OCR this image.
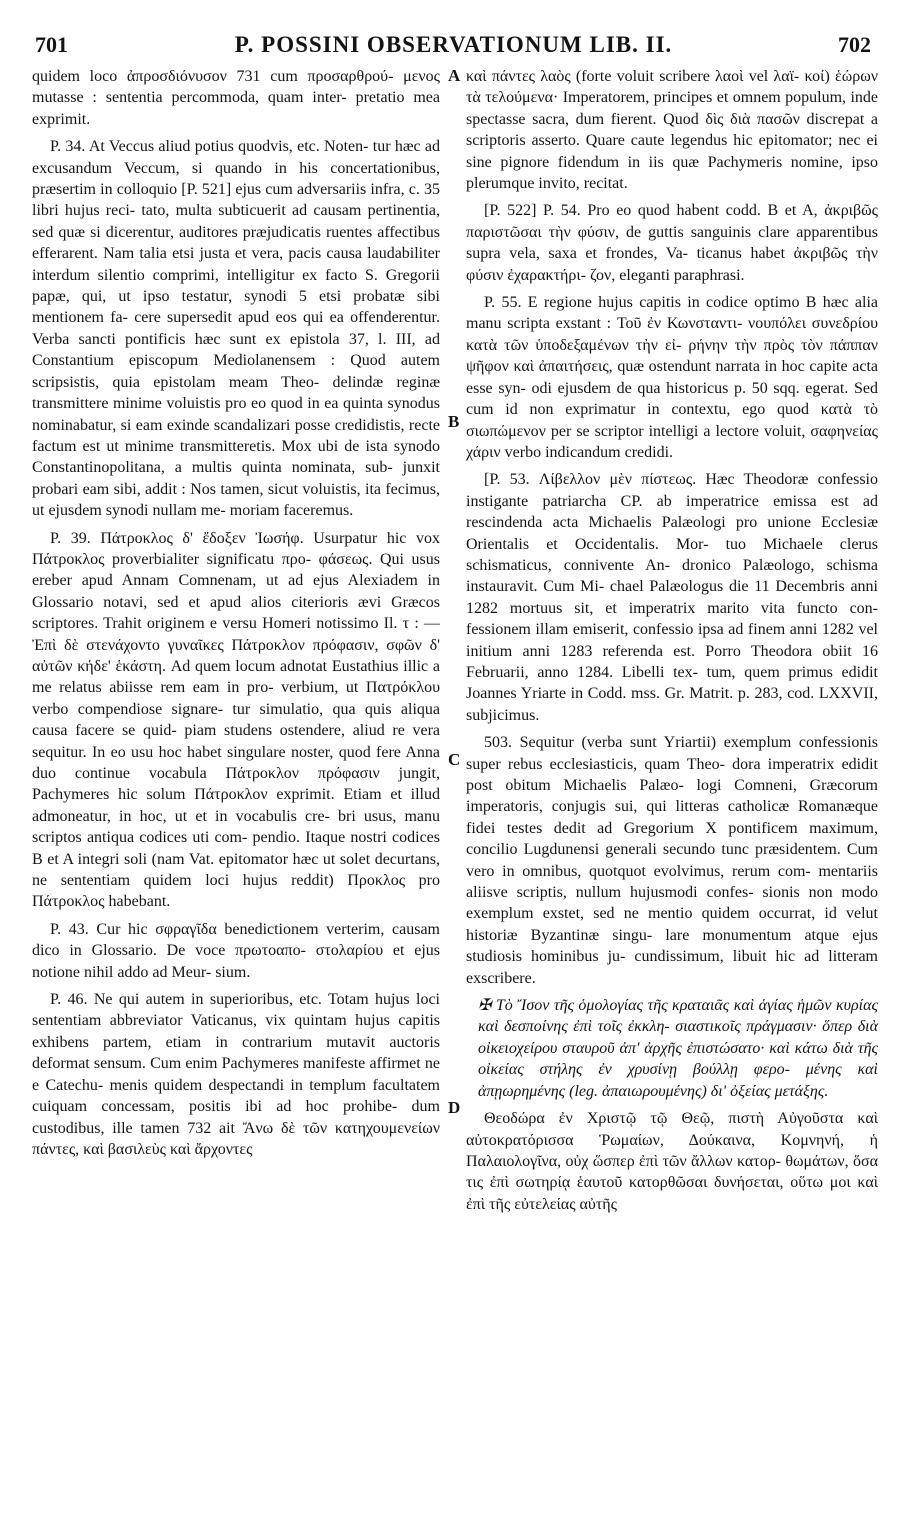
701	P. POSSINI OBSERVATIONUM LIB. II.	702

quidem loco ἀπροσδιόνυσον 731 cum προσαρθρού- μενος mutasse : sententia percommoda, quam inter- pretatio mea exprimit.

P. 34. At Veccus aliud potius quodvis, etc. Noten- tur hæc ad excusandum Veccum, si quando in his concertationibus, præsertim in colloquio [P. 521] ejus cum adversariis infra, c. 35 libri hujus reci- tato, multa subticuerit ad causam pertinentia, sed quæ si dicerentur, auditores præjudicatis ruentes affectibus efferarent. Nam talia etsi justa et vera, pacis causa laudabiliter interdum silentio comprimi, intelligitur ex facto S. Gregorii papæ, qui, ut ipso testatur, synodi 5 etsi probatæ sibi mentionem fa- cere supersedit apud eos qui ea offenderentur. Verba sancti pontificis hæc sunt ex epistola 37, l. III, ad Constantium episcopum Mediolanensem : Quod autem scripsistis, quia epistolam meam Theo- delindæ reginæ transmittere minime voluistis pro eo quod in ea quinta synodus nominabatur, si eam exinde scandalizari posse credidistis, recte factum est ut minime transmitteretis. Mox ubi de ista synodo Constantinopolitana, a multis quinta nominata, sub- junxit probari eam sibi, addit : Nos tamen, sicut voluistis, ita fecimus, ut ejusdem synodi nullam me- moriam faceremus.

P. 39. Πάτροκλος δ' ἔδοξεν Ἰωσήφ. Usurpatur hic vox Πάτροκλος proverbialiter significatu προ- φάσεως. Qui usus ereber apud Annam Comnenam, ut ad ejus Alexiadem in Glossario notavi, sed et apud alios citerioris ævi Græcos scriptores. Trahit originem e versu Homeri notissimo Il. τ : — Ἐπὶ δὲ στενάχοντο γυναῖκες Πάτροκλον πρόφασιν, σφῶν δ' αὐτῶν κήδε' ἑκάστη. Ad quem locum adnotat Eustathius illic a me relatus abiisse rem eam in pro- verbium, ut Πατρόκλου verbo compendiose signare- tur simulatio, qua quis aliqua causa facere se quid- piam studens ostendere, aliud re vera sequitur. In eo usu hoc habet singulare noster, quod fere Anna duo continue vocabula Πάτροκλον πρόφασιν jungit, Pachymeres hic solum Πάτροκλον exprimit. Etiam et illud admoneatur, in hoc, ut et in vocabulis cre- bri usus, manu scriptos antiqua codices uti com- pendio. Itaque nostri codices B et A integri soli (nam Vat. epitomator hæc ut solet decurtans, ne sententiam quidem loci hujus reddit) Προκλος pro Πάτροκλος habebant.

P. 43. Cur hic σφραγῖδα benedictionem verterim, causam dico in Glossario. De voce πρωτοαπο- στολαρίου et ejus notione nihil addo ad Meur- sium.

P. 46. Ne qui autem in superioribus, etc. Totam hujus loci sententiam abbreviator Vaticanus, vix quintam hujus capitis exhibens partem, etiam in contrarium mutavit auctoris deformat sensum. Cum enim Pachymeres manifeste affirmet ne e Catechu- menis quidem despectandi in templum facultatem cuiquam concessam, positis ibi ad hoc prohibe- dum custodibus, ille tamen 732 ait Ἄνω δὲ τῶν κατηχουμενείων πάντες, καὶ βασιλεὺς καὶ ἄρχοντες

A
B
C
D

καὶ πάντες λαὸς (forte voluit scribere λαοὶ vel λαϊ- κοί) ἑώρων τὰ τελούμενα· Imperatorem, principes et omnem populum, inde spectasse sacra, dum fierent. Quod δὶς διὰ πασῶν discrepat a scriptoris asserto. Quare caute legendus hic epitomator; nec ei sine pignore fidendum in iis quæ Pachymeris nomine, ipso plerumque invito, recitat.

[P. 522] P. 54. Pro eo quod habent codd. B et A, ἀκριβῶς παριστῶσαι τὴν φύσιν, de guttis sanguinis clare apparentibus supra vela, saxa et frondes, Va- ticanus habet ἀκριβῶς τὴν φύσιν ἐχαρακτήρι- ζον, eleganti paraphrasi.

P. 55. E regione hujus capitis in codice optimo B hæc alia manu scripta exstant : Τοῦ ἐν Κωνσταντι- νουπόλει συνεδρίου κατὰ τῶν ὑποδεξαμένων τὴν εἰ- ρήνην τὴν πρὸς τὸν πάππαν ψῆφον καὶ ἀπαιτήσεις, quæ ostendunt narrata in hoc capite acta esse syn- odi ejusdem de qua historicus p. 50 sqq. egerat. Sed cum id non exprimatur in contextu, ego quod κατὰ τὸ σιωπώμενον per se scriptor intelligi a lectore voluit, σαφηνείας χάριν verbo indicandum credidi.

[P. 53. Λίβελλον μὲν πίστεως. Hæc Theodoræ confessio instigante patriarcha CP. ab imperatrice emissa est ad rescindenda acta Michaelis Palæologi pro unione Ecclesiæ Orientalis et Occidentalis. Mor- tuo Michaele clerus schismaticus, connivente An- dronico Palæologo, schisma instauravit. Cum Mi- chael Palæologus die 11 Decembris anni 1282 mortuus sit, et imperatrix marito vita functo con- fessionem illam emiserit, confessio ipsa ad finem anni 1282 vel initium anni 1283 referenda est. Porro Theodora obiit 16 Februarii, anno 1284. Libelli tex- tum, quem primus edidit Joannes Yriarte in Codd. mss. Gr. Matrit. p. 283, cod. LXXVII, subjicimus.

503. Sequitur (verba sunt Yriartii) exemplum confessionis super rebus ecclesiasticis, quam Theo- dora imperatrix edidit post obitum Michaelis Palæo- logi Comneni, Græcorum imperatoris, conjugis sui, qui litteras catholicæ Romanæque fidei testes dedit ad Gregorium X pontificem maximum, concilio Lugdunensi generali secundo tunc præsidentem. Cum vero in omnibus, quotquot evolvimus, rerum com- mentariis aliisve scriptis, nullum hujusmodi confes- sionis non modo exemplum exstet, sed ne mentio quidem occurrat, id velut historiæ Byzantinæ singu- lare monumentum atque ejus studiosis hominibus ju- cundissimum, libuit hic ad litteram exscribere.

✠ Τὸ Ἴσον τῆς ὁμολογίας τῆς κραταιᾶς καὶ ἁγίας ἡμῶν κυρίας καὶ δεσποίνης ἐπὶ τοῖς ἐκκλη- σιαστικοῖς πράγμασιν· ὅπερ διὰ οἰκειοχείρου σταυροῦ ἀπ' ἀρχῆς ἐπιστώσατο· καὶ κάτω διὰ τῆς οἰκείας στήλης ἐν χρυσίνῃ βούλλῃ φερο- μένης καὶ ἀπῃωρημένης (leg. ἀπαιωρουμένης) δι' ὀξείας μετάξης.

Θεοδώρα ἐν Χριστῷ τῷ Θεῷ, πιστὴ Αὐγοῦστα καὶ αὐτοκρατόρισσα Ῥωμαίων, Δούκαινα, Κομνηνή, ἡ Παλαιολογῖνα, οὐχ ὥσπερ ἐπὶ τῶν ἄλλων κατορ- θωμάτων, ὅσα τις ἐπὶ σωτηρίᾳ ἑαυτοῦ κατορθῶσαι δυνήσεται, οὕτω μοι καὶ ἐπὶ τῆς εὐτελείας αὐτῆς
